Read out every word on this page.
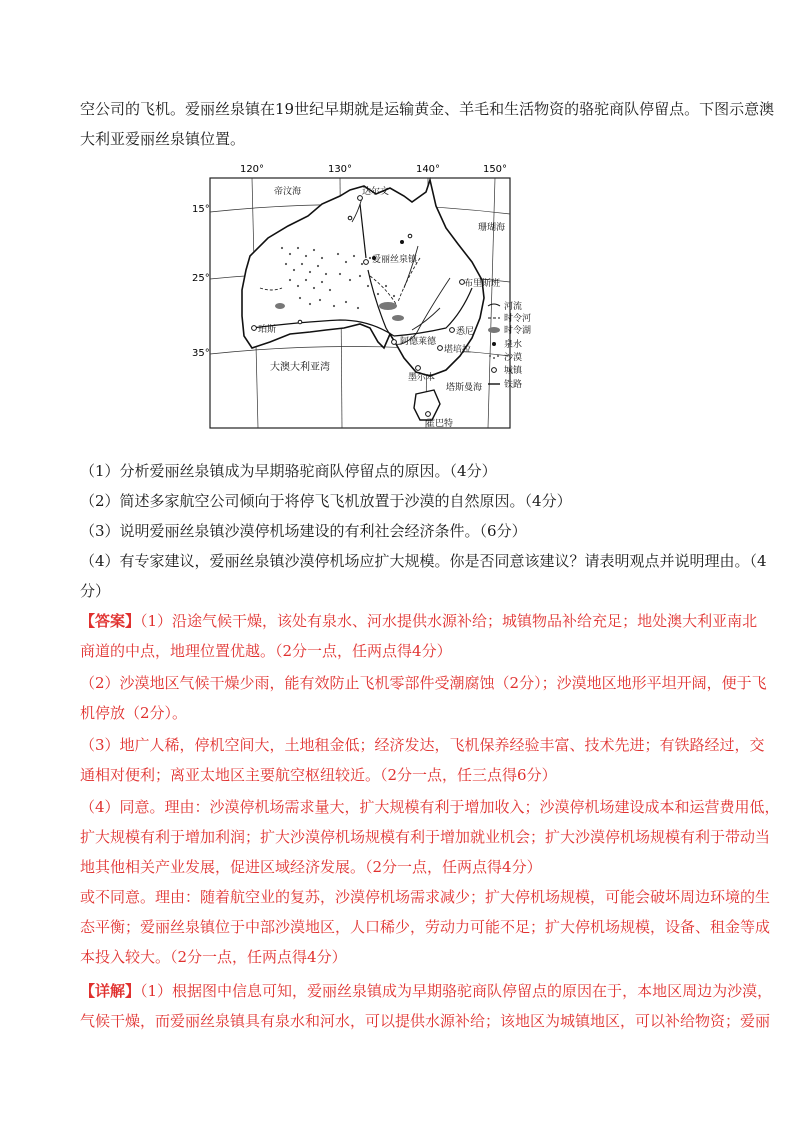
空公司的飞机。爱丽丝泉镇在19世纪早期就是运输黄金、羊毛和生活物资的骆驼商队停留点。下图示意澳
大利亚爱丽丝泉镇位置。
120°	130°	140°	150°
15°
25°
35°
帝汶海	达尔文
珊瑚海
爱丽丝泉镇
布里斯班
珀斯
阿德莱德
悉尼
堪培拉
墨尔本
大澳大利亚湾
塔斯曼海
霍巴特
河流
时令河
时令湖
泉水
沙漠
城镇
铁路
（1）分析爱丽丝泉镇成为早期骆驼商队停留点的原因。（4分）
（2）简述多家航空公司倾向于将停飞飞机放置于沙漠的自然原因。（4分）
（3）说明爱丽丝泉镇沙漠停机场建设的有利社会经济条件。（6分）
（4）有专家建议，爱丽丝泉镇沙漠停机场应扩大规模。你是否同意该建议？请表明观点并说明理由。（4
分）
【答案】（1）沿途气候干燥，该处有泉水、河水提供水源补给；城镇物品补给充足；地处澳大利亚南北
商道的中点，地理位置优越。（2分一点，任两点得4分）
（2）沙漠地区气候干燥少雨，能有效防止飞机零部件受潮腐蚀（2分）；沙漠地区地形平坦开阔，便于飞
机停放（2分）。
（3）地广人稀，停机空间大，土地租金低；经济发达，飞机保养经验丰富、技术先进；有铁路经过，交
通相对便利；离亚太地区主要航空枢纽较近。（2分一点，任三点得6分）
（4）同意。理由：沙漠停机场需求量大，扩大规模有利于增加收入；沙漠停机场建设成本和运营费用低，
扩大规模有利于增加利润；扩大沙漠停机场规模有利于增加就业机会；扩大沙漠停机场规模有利于带动当
地其他相关产业发展，促进区域经济发展。（2分一点，任两点得4分）
或不同意。理由：随着航空业的复苏，沙漠停机场需求减少；扩大停机场规模，可能会破坏周边环境的生
态平衡；爱丽丝泉镇位于中部沙漠地区，人口稀少，劳动力可能不足；扩大停机场规模，设备、租金等成
本投入较大。（2分一点，任两点得4分）
【详解】（1）根据图中信息可知，爱丽丝泉镇成为早期骆驼商队停留点的原因在于，本地区周边为沙漠，
气候干燥，而爱丽丝泉镇具有泉水和河水，可以提供水源补给；该地区为城镇地区，可以补给物资；爱丽
